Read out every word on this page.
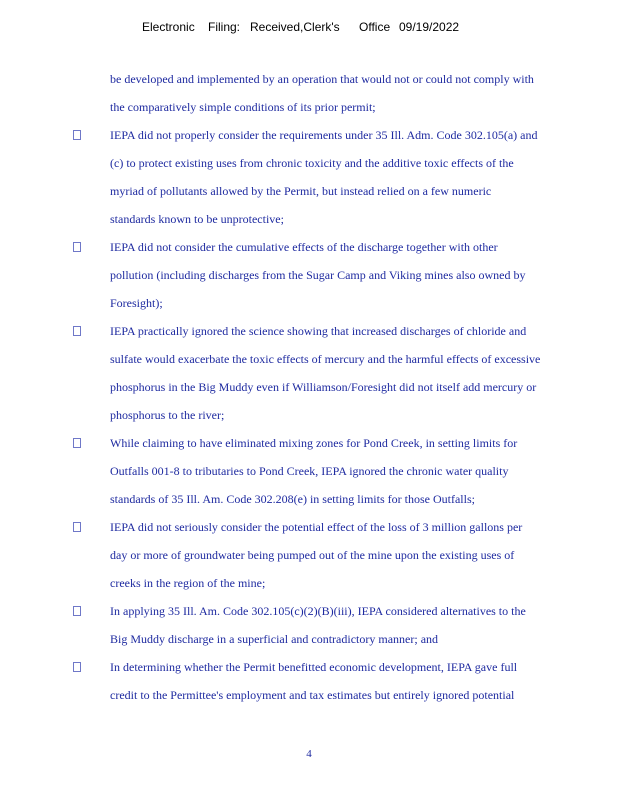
Electronic Filing: Received,Clerk's Office 09/19/2022
be developed and implemented by an operation that would not or could not comply with
the comparatively simple conditions of its prior permit;
IEPA did not properly consider the requirements under 35 Ill. Adm. Code 302.105(a) and
(c) to protect existing uses from chronic toxicity and the additive toxic effects of the
myriad of pollutants allowed by the Permit, but instead relied on a few numeric
standards known to be unprotective;
IEPA did not consider the cumulative effects of the discharge together with other
pollution (including discharges from the Sugar Camp and Viking mines also owned by
Foresight);
IEPA practically ignored the science showing that increased discharges of chloride and
sulfate would exacerbate the toxic effects of mercury and the harmful effects of excessive
phosphorus in the Big Muddy even if Williamson/Foresight did not itself add mercury or
phosphorus to the river;
While claiming to have eliminated mixing zones for Pond Creek, in setting limits for
Outfalls 001-8 to tributaries to Pond Creek, IEPA ignored the chronic water quality
standards of 35 Ill. Am. Code 302.208(e) in setting limits for those Outfalls;
IEPA did not seriously consider the potential effect of the loss of 3 million gallons per
day or more of groundwater being pumped out of the mine upon the existing uses of
creeks in the region of the mine;
In applying 35 Ill. Am. Code 302.105(c)(2)(B)(iii), IEPA considered alternatives to the
Big Muddy discharge in a superficial and contradictory manner; and
In determining whether the Permit benefitted economic development, IEPA gave full
credit to the Permittee's employment and tax estimates but entirely ignored potential
4
